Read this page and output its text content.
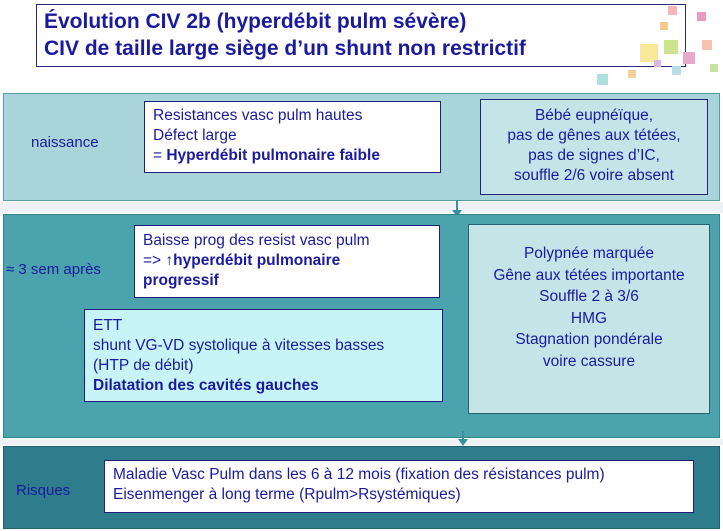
Évolution CIV 2b (hyperdébit pulm sévère)
CIV de taille large siège d’un shunt non restrictif
naissance
Resistances vasc pulm hautes
Défect large
= Hyperdébit pulmonaire faible
Bébé eupnéïque,
pas de gênes aux tétées,
pas de signes d’IC,
souffle 2/6 voire absent
≈ 3 sem après
Baisse prog des resist vasc pulm
=> ↑hyperdébit pulmonaire
progressif
ETT
shunt VG-VD systolique à vitesses basses
(HTP de débit)
Dilatation des cavités gauches
Polypnée marquée
Gêne aux tétées importante
Souffle 2 à 3/6
HMG
Stagnation pondérale
voire cassure
Risques
Maladie Vasc Pulm dans les 6 à 12 mois (fixation des résistances pulm)
Eisenmenger à long terme (Rpulm>Rsystémiques)
